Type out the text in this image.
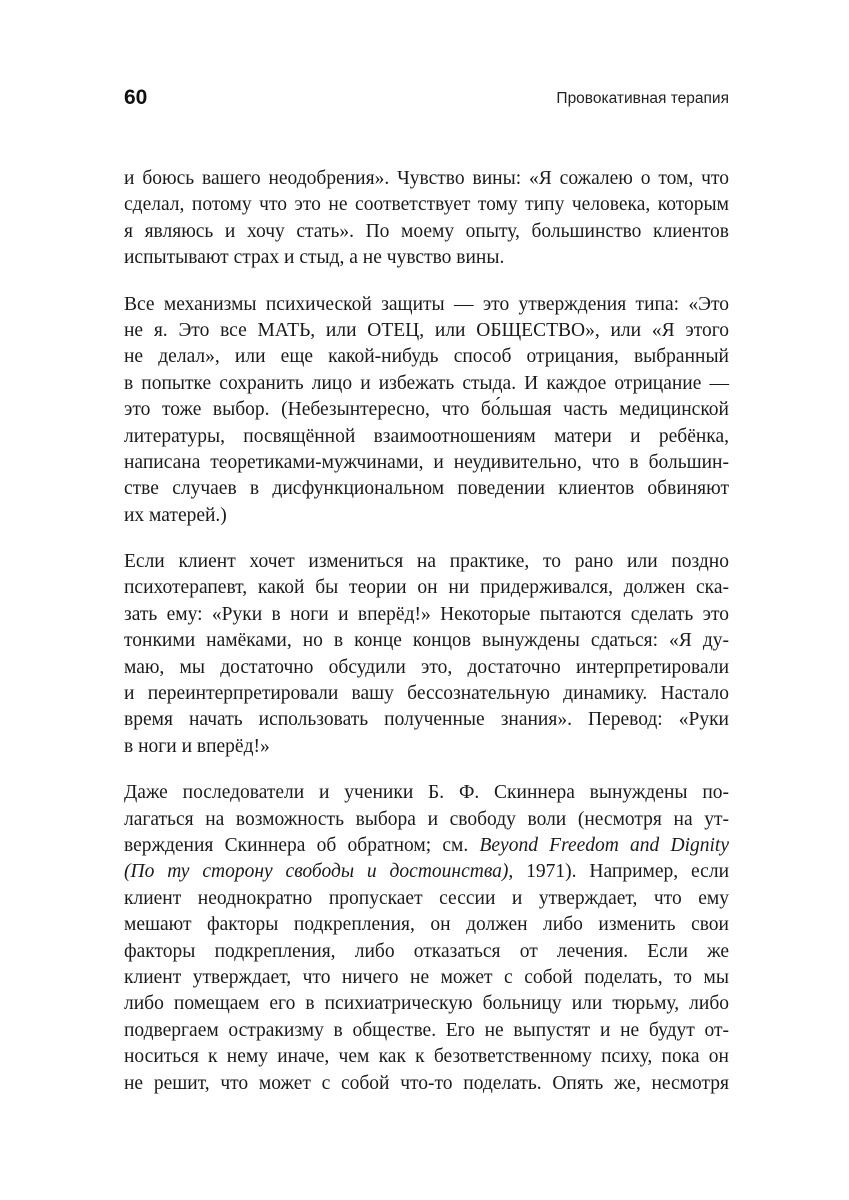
60	Провокативная терапия
и боюсь вашего неодобрения». Чувство вины: «Я сожалею о том, что
сделал, потому что это не соответствует тому типу человека, которым
я являюсь и хочу стать». По моему опыту, большинство клиентов
испытывают страх и стыд, а не чувство вины.
Все механизмы психической защиты — это утверждения типа: «Это
не я. Это все МАТЬ, или ОТЕЦ, или ОБЩЕСТВО», или «Я этого
не делал», или еще какой-нибудь способ отрицания, выбранный
в попытке сохранить лицо и избежать стыда. И каждое отрицание —
это тоже выбор. (Небезынтересно, что бо́льшая часть медицинской
литературы, посвящённой взаимоотношениям матери и ребёнка,
написана теоретиками-мужчинами, и неудивительно, что в большин-
стве случаев в дисфункциональном поведении клиентов обвиняют
их матерей.)
Если клиент хочет измениться на практике, то рано или поздно
психотерапевт, какой бы теории он ни придерживался, должен ска-
зать ему: «Руки в ноги и вперёд!» Некоторые пытаются сделать это
тонкими намёками, но в конце концов вынуждены сдаться: «Я ду-
маю, мы достаточно обсудили это, достаточно интерпретировали
и переинтерпретировали вашу бессознательную динамику. Настало
время начать использовать полученные знания». Перевод: «Руки
в ноги и вперёд!»
Даже последователи и ученики Б. Ф. Скиннера вынуждены по-
лагаться на возможность выбора и свободу воли (несмотря на ут-
верждения Скиннера об обратном; см. Beyond Freedom and Dignity
(По ту сторону свободы и достоинства), 1971). Например, если
клиент неоднократно пропускает сессии и утверждает, что ему
мешают факторы подкрепления, он должен либо изменить свои
факторы подкрепления, либо отказаться от лечения. Если же
клиент утверждает, что ничего не может с собой поделать, то мы
либо помещаем его в психиатрическую больницу или тюрьму, либо
подвергаем остракизму в обществе. Его не выпустят и не будут от-
носиться к нему иначе, чем как к безответственному психу, пока он
не решит, что может с собой что-то поделать. Опять же, несмотря
